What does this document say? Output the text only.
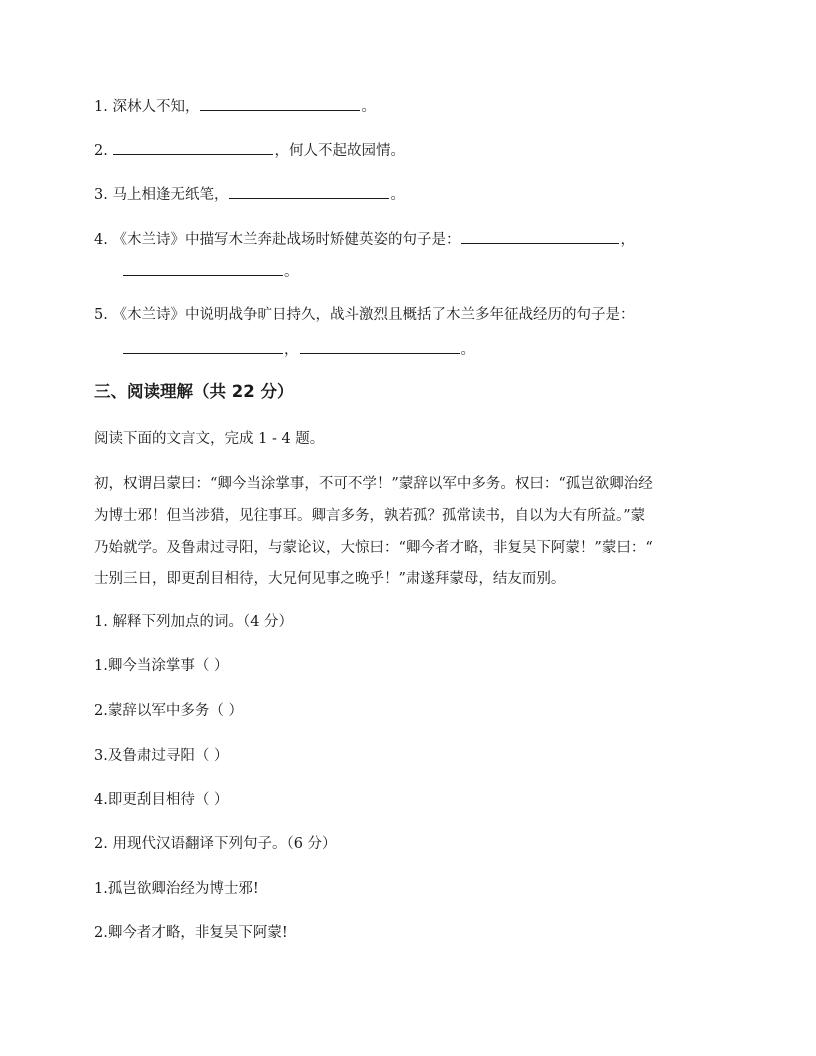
1. 深林人不知，	。
2.	，何人不起故园情。
3. 马上相逢无纸笔，	。
4. 《木兰诗》中描写木兰奔赴战场时矫健英姿的句子是：	，
。
5. 《木兰诗》中说明战争旷日持久，战斗激烈且概括了木兰多年征战经历的句子是：
，	。
三、阅读理解（共 22 分）
阅读下面的文言文，完成 1 - 4 题。
初，权谓吕蒙曰：“卿今当涂掌事，不可不学！”蒙辞以军中多务。权曰：“孤岂欲卿治经
为博士邪！但当涉猎，见往事耳。卿言多务，孰若孤？孤常读书，自以为大有所益。”蒙
乃始就学。及鲁肃过寻阳，与蒙论议，大惊曰：“卿今者才略，非复吴下阿蒙！”蒙曰：“
士别三日，即更刮目相待，大兄何见事之晚乎！”肃遂拜蒙母，结友而别。
1. 解释下列加点的词。（4 分）
1.卿今当涂掌事（ ）
2.蒙辞以军中多务（ ）
3.及鲁肃过寻阳（ ）
4.即更刮目相待（ ）
2. 用现代汉语翻译下列句子。（6 分）
1.孤岂欲卿治经为博士邪!
2.卿今者才略，非复吴下阿蒙!
